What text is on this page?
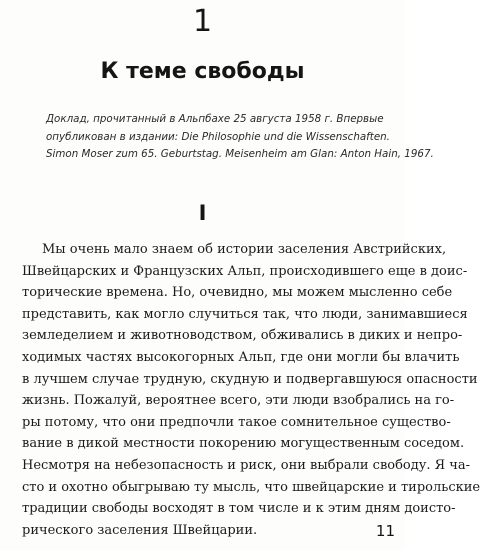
1
К теме свободы
Доклад, прочитанный в Альпбахе 25 августа 1958 г. Впервые
опубликован в издании: Die Philosophie und die Wissenschaften.
Simon Moser zum 65. Geburtstag. Meisenheim am Glan: Anton Hain, 1967.
I
Мы очень мало знаем об истории заселения Австрийских,
Швейцарских и Французских Альп, происходившего еще в доис-
торические времена. Но, очевидно, мы можем мысленно себе
представить, как могло случиться так, что люди, занимавшиеся
земледелием и животноводством, обживались в диких и непро-
ходимых частях высокогорных Альп, где они могли бы влачить
в лучшем случае трудную, скудную и подвергавшуюся опасности
жизнь. Пожалуй, вероятнее всего, эти люди взобрались на го-
ры потому, что они предпочли такое сомнительное существо-
вание в дикой местности покорению могущественным соседом.
Несмотря на небезопасность и риск, они выбрали свободу. Я ча-
сто и охотно обыгрываю ту мысль, что швейцарские и тирольские
традиции свободы восходят в том числе и к этим дням доисто-
рического заселения Швейцарии.	11
